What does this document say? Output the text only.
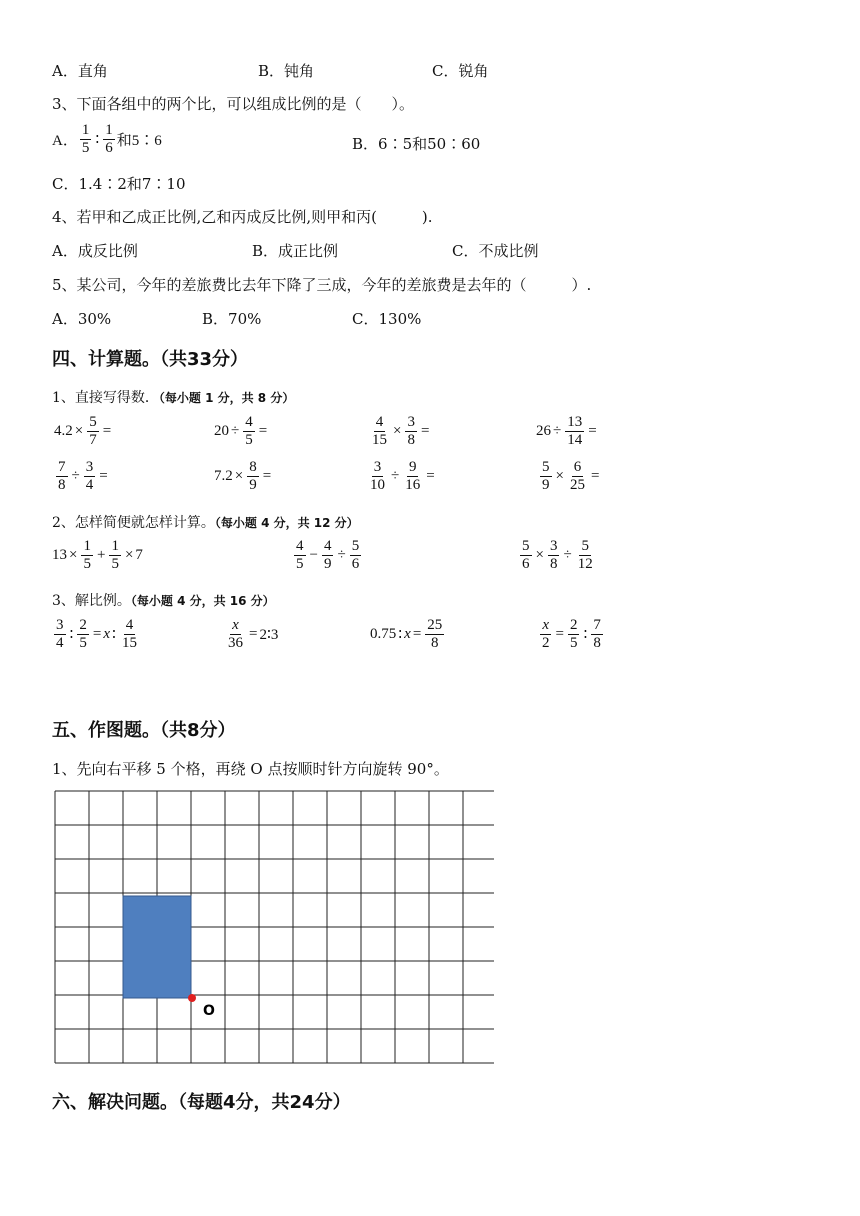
A．直角	B．钝角	C．锐角
3、下面各组中的两个比，可以组成比例的是（　　）。
A． $\frac{1}{5}$ ∶ $\frac{1}{6}$ 和5∶6	B．6∶5和50∶60
C．1.4∶2和7∶10
4、若甲和乙成正比例,乙和丙成反比例,则甲和丙(　　　).
A．成反比例	B．成正比例	C．不成比例
5、某公司，今年的差旅费比去年下降了三成，今年的差旅费是去年的（　　　）.
A．30%	B．70%	C．130%
四、计算题。（共33分）
1、直接写得数．（每小题 1 分，共 8 分）
$4.2 \times \frac{5}{7}$ =	$20 \div \frac{4}{5}$ =	$\frac{4}{15} \times \frac{3}{8}$ =	$26 \div \frac{13}{14}$ =
$\frac{7}{8} \div \frac{3}{4}$ =	$7.2 \times \frac{8}{9}$ =	$\frac{3}{10} \div \frac{9}{16}$ =	$\frac{5}{9} \times \frac{6}{25}$ =
2、怎样简便就怎样计算。（每小题 4 分，共 12 分）
$13 \times \frac{1}{5} + \frac{1}{5} \times 7$	$\frac{4}{5} - \frac{4}{9} \div \frac{5}{6}$	$\frac{5}{6} \times \frac{3}{8} \div \frac{5}{12}$
3、解比例。（每小题 4 分，共 16 分）
$\frac{3}{4}$ ∶ $\frac{2}{5} = x$ ∶ $\frac{4}{15}$	$\frac{x}{36}$ = 2∶3	0.75 ∶ $x = \frac{25}{8}$	$\frac{x}{2} = \frac{2}{5}$ ∶ $\frac{7}{8}$
五、作图题。（共8分）
1、先向右平移 5 个格，再绕 O 点按顺时针方向旋转 90°。
O
六、解决问题。（每题4分，共24分）
